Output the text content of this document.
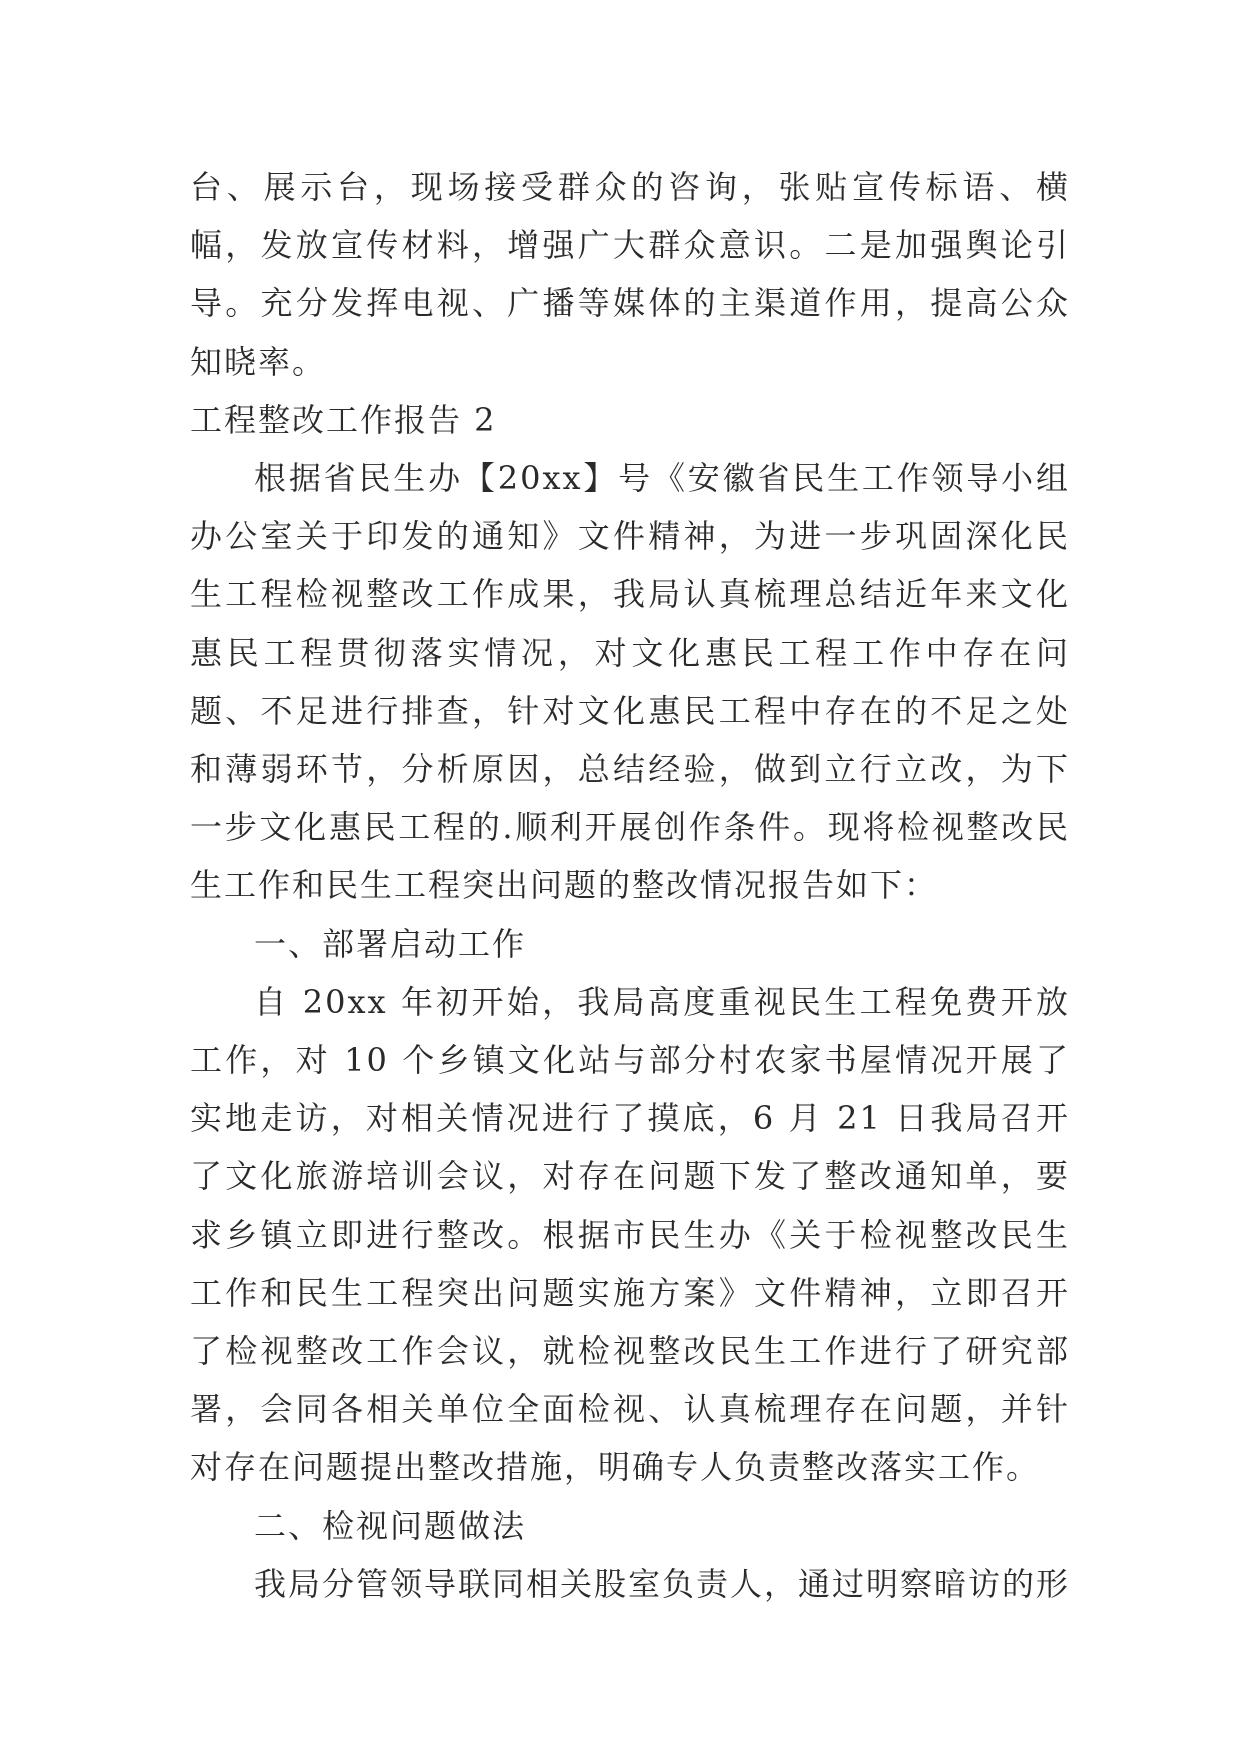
台、展示台，现场接受群众的咨询，张贴宣传标语、横幅，发放宣传材料，增强广大群众意识。二是加强舆论引导。充分发挥电视、广播等媒体的主渠道作用，提高公众知晓率。

工程整改工作报告 2

根据省民生办【20xx】号《安徽省民生工作领导小组办公室关于印发的通知》文件精神，为进一步巩固深化民生工程检视整改工作成果，我局认真梳理总结近年来文化惠民工程贯彻落实情况，对文化惠民工程工作中存在问题、不足进行排查，针对文化惠民工程中存在的不足之处和薄弱环节，分析原因，总结经验，做到立行立改，为下一步文化惠民工程的.顺利开展创作条件。现将检视整改民生工作和民生工程突出问题的整改情况报告如下：

一、部署启动工作

自 20xx 年初开始，我局高度重视民生工程免费开放工作，对 10 个乡镇文化站与部分村农家书屋情况开展了实地走访，对相关情况进行了摸底，6 月 21 日我局召开了文化旅游培训会议，对存在问题下发了整改通知单，要求乡镇立即进行整改。根据市民生办《关于检视整改民生工作和民生工程突出问题实施方案》文件精神，立即召开了检视整改工作会议，就检视整改民生工作进行了研究部署，会同各相关单位全面检视、认真梳理存在问题，并针对存在问题提出整改措施，明确专人负责整改落实工作。

二、检视问题做法

我局分管领导联同相关股室负责人，通过明察暗访的形
